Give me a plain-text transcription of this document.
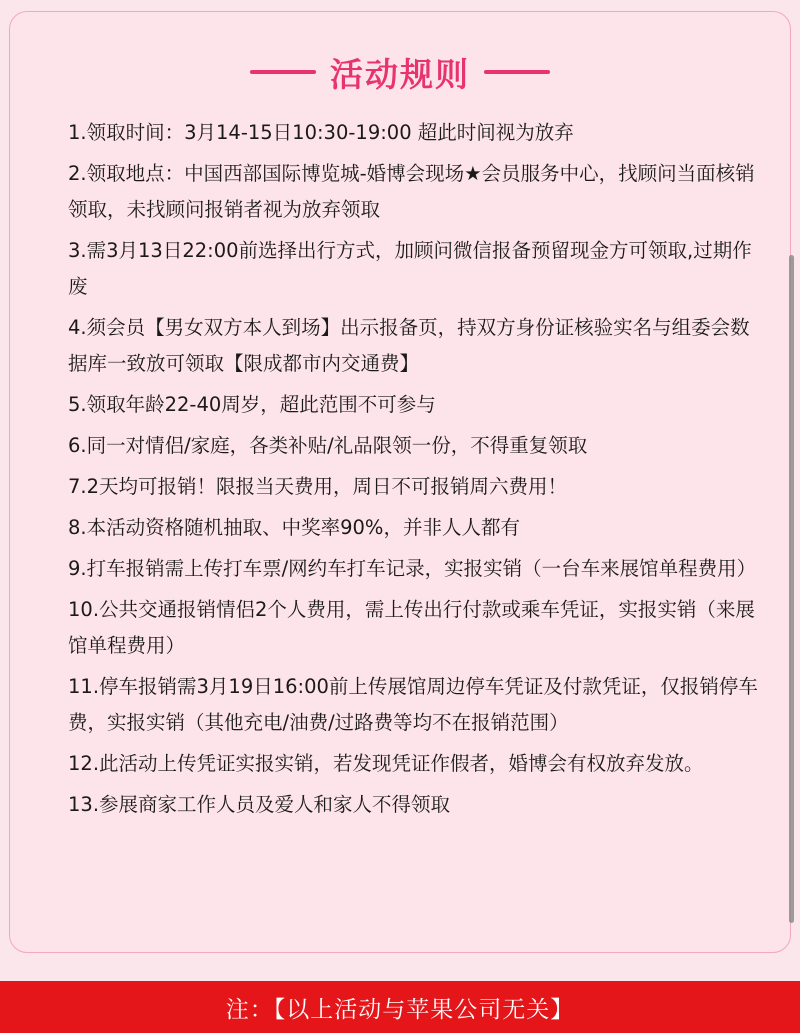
活动规则
1.领取时间：3月14-15日10:30-19:00 超此时间视为放弃
2.领取地点：中国西部国际博览城-婚博会现场★会员服务中心，找顾问当面核销领取，未找顾问报销者视为放弃领取
3.需3月13日22:00前选择出行方式，加顾问微信报备预留现金方可领取,过期作废
4.须会员【男女双方本人到场】出示报备页，持双方身份证核验实名与组委会数据库一致放可领取【限成都市内交通费】
5.领取年龄22-40周岁，超此范围不可参与
6.同一对情侣/家庭，各类补贴/礼品限领一份，不得重复领取
7.2天均可报销！限报当天费用，周日不可报销周六费用！
8.本活动资格随机抽取、中奖率90%，并非人人都有
9.打车报销需上传打车票/网约车打车记录，实报实销（一台车来展馆单程费用）
10.公共交通报销情侣2个人费用，需上传出行付款或乘车凭证，实报实销（来展馆单程费用）
11.停车报销需3月19日16:00前上传展馆周边停车凭证及付款凭证，仅报销停车费，实报实销（其他充电/油费/过路费等均不在报销范围）
12.此活动上传凭证实报实销，若发现凭证作假者，婚博会有权放弃发放。
13.参展商家工作人员及爱人和家人不得领取
注：【以上活动与苹果公司无关】
